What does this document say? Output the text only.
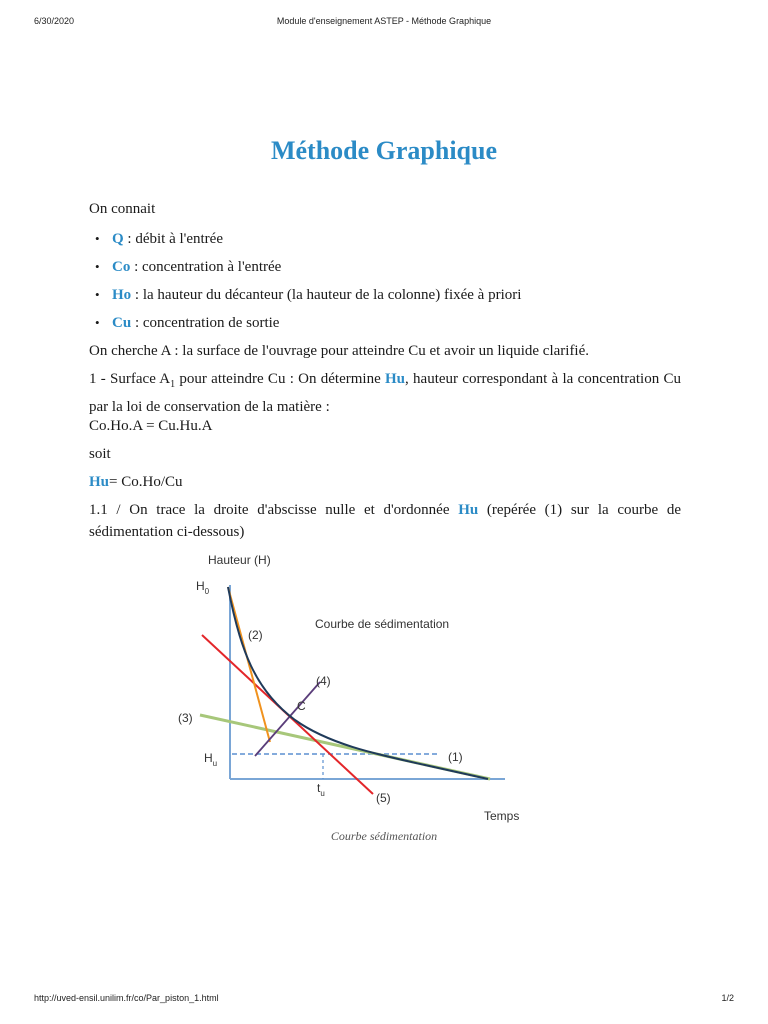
6/30/2020	Module d'enseignement ASTEP - Méthode Graphique
Méthode Graphique
On connait
• Q : débit à l'entrée
• Co : concentration à l'entrée
• Ho : la hauteur du décanteur (la hauteur de la colonne) fixée à priori
• Cu : concentration de sortie
On cherche A : la surface de l'ouvrage pour atteindre Cu et avoir un liquide clarifié.
1 - Surface $A_1$ pour atteindre Cu : On détermine Hu, hauteur correspondant à la concentration Cu par la loi de conservation de la matière :
Co.Ho.A = Cu.Hu.A
soit
Hu= Co.Ho/Cu
1.1 / On trace la droite d'abscisse nulle et d'ordonnée Hu (repérée (1) sur la courbe de sédimentation ci-dessous)
Hauteur (H)
$H_0$
$H_u$
$t_u$
Temps
Courbe de sédimentation
C
(1)
(2)
(3)
(4)
(5)
Courbe sédimentation
http://uved-ensil.unilim.fr/co/Par_piston_1.html	1/2
